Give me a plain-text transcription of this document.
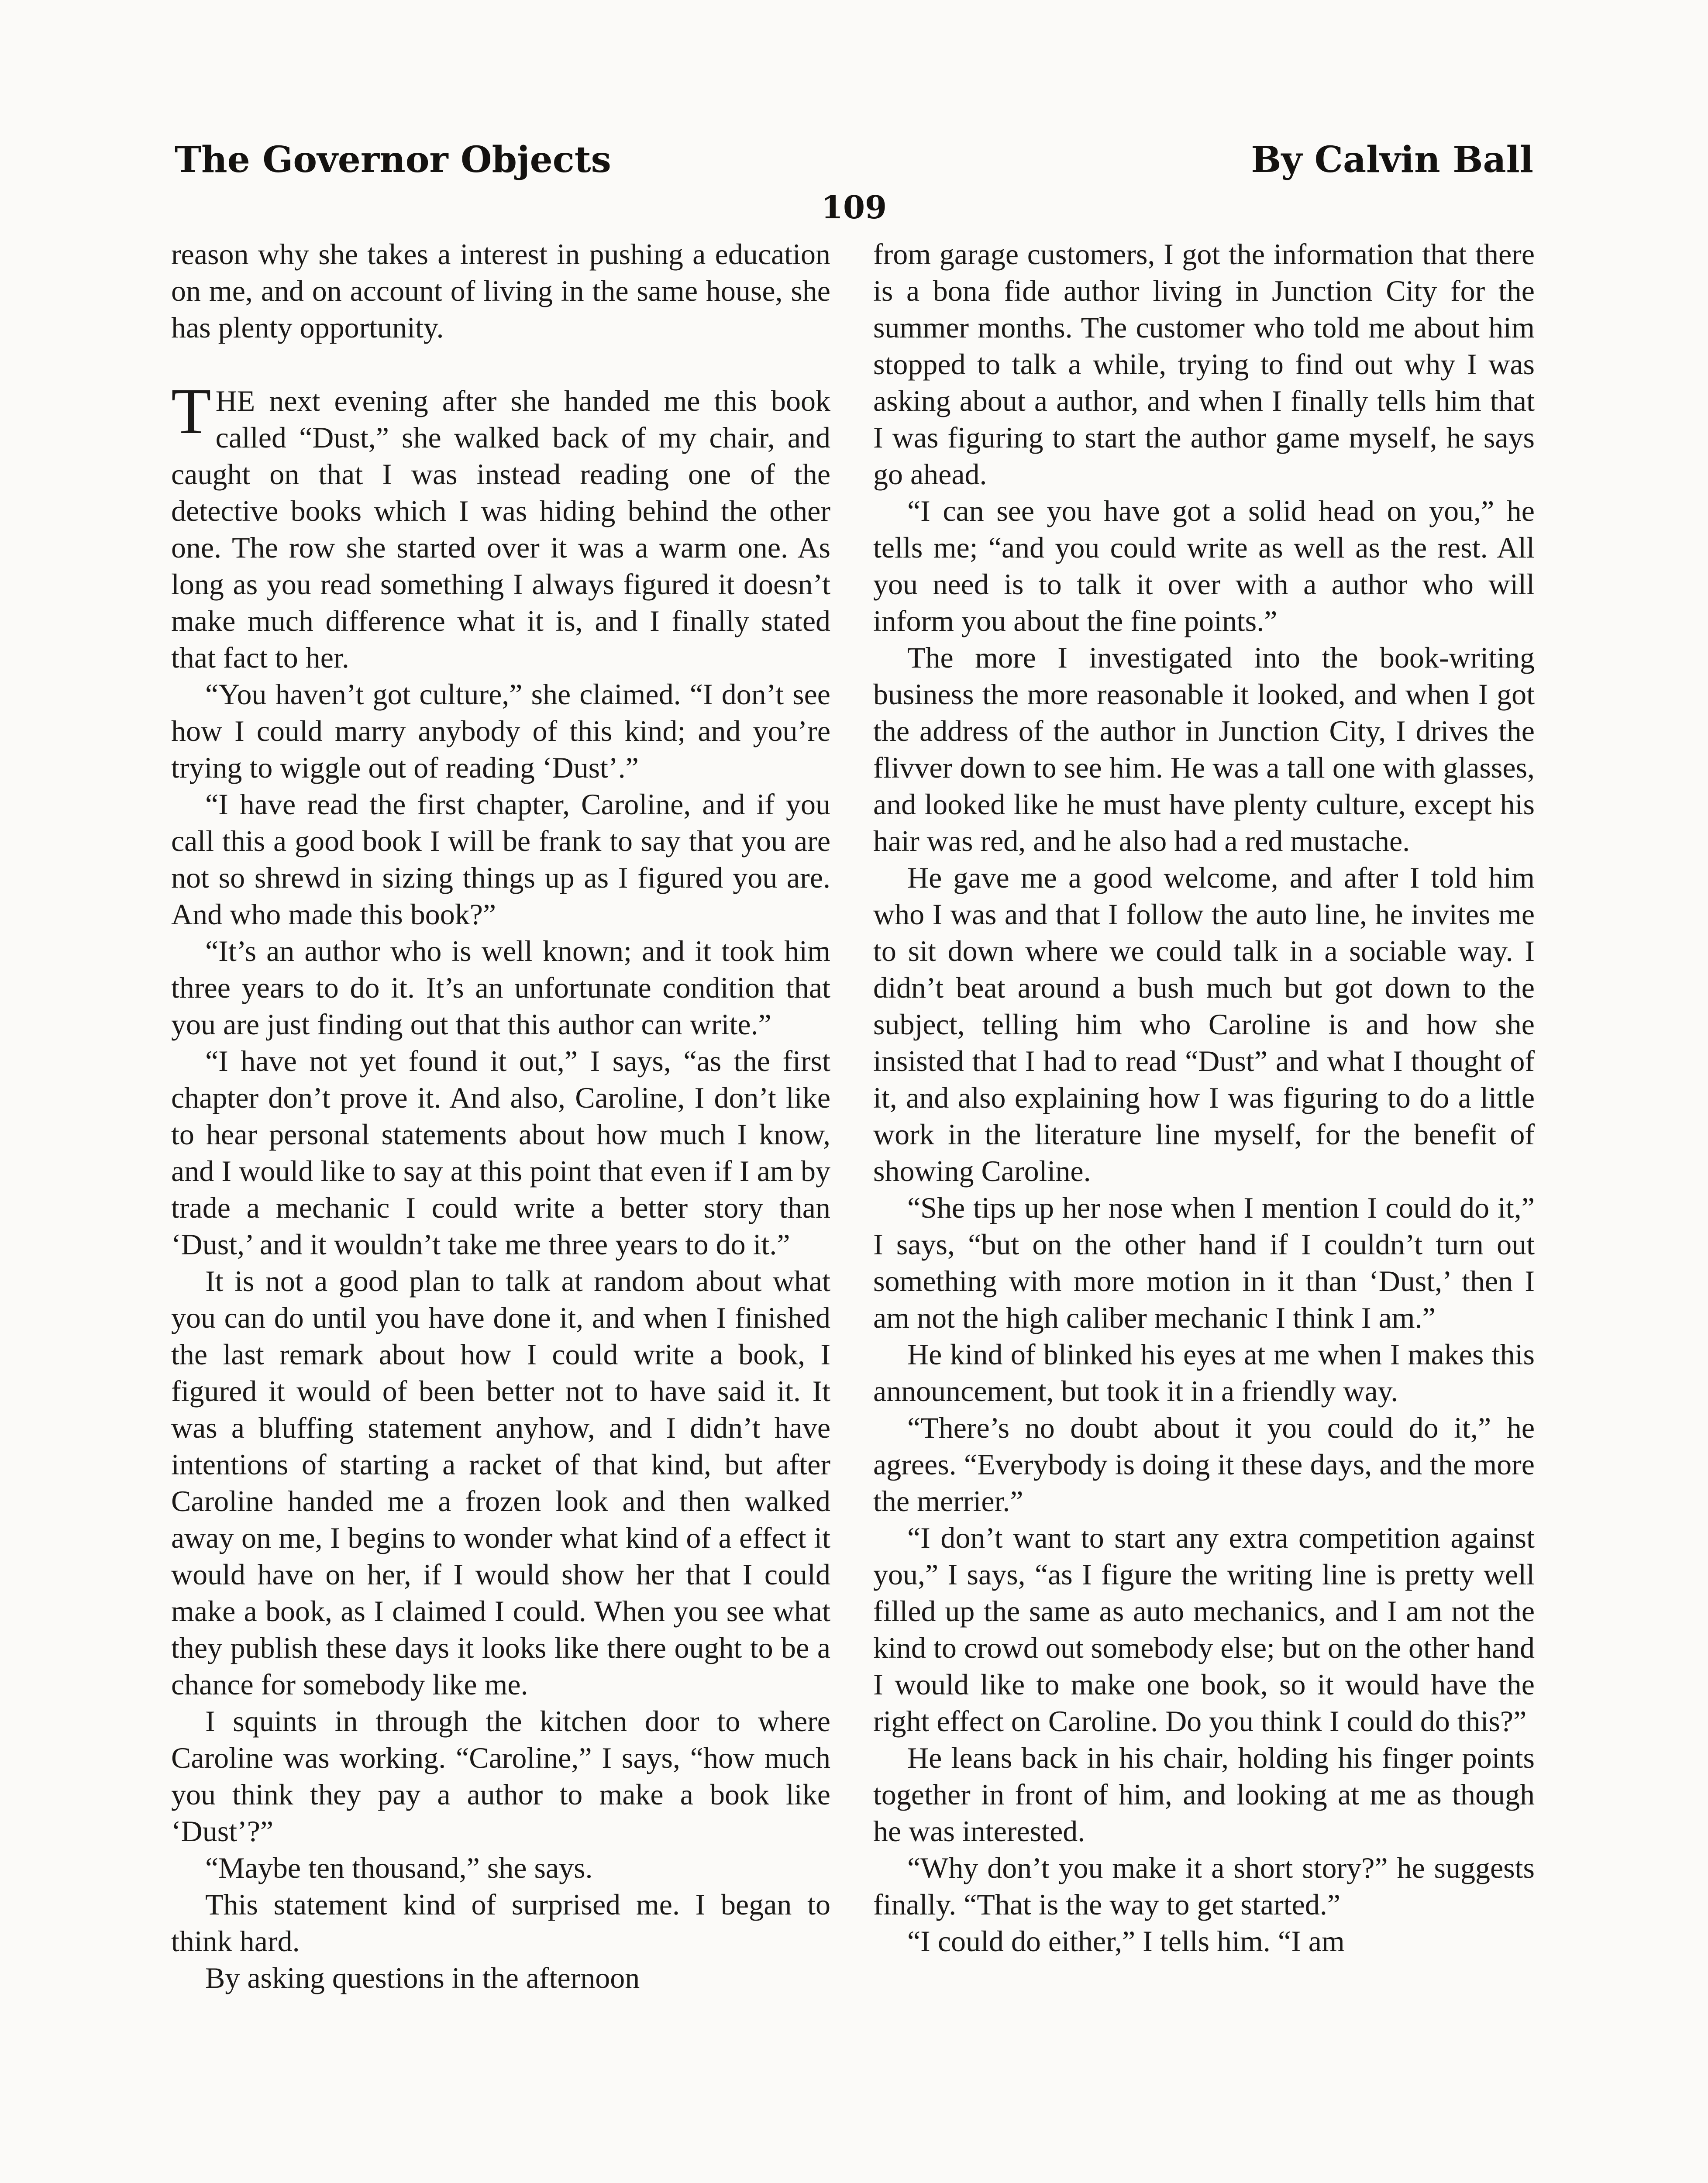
The Governor Objects	By Calvin Ball
109

reason why she takes a interest in pushing a education on me, and on account of living in the same house, she has plenty opportunity.

THE next evening after she handed me this book called “Dust,” she walked back of my chair, and caught on that I was instead reading one of the detective books which I was hiding behind the other one. The row she started over it was a warm one. As long as you read something I always figured it doesn’t make much difference what it is, and I finally stated that fact to her.

“You haven’t got culture,” she claimed. “I don’t see how I could marry anybody of this kind; and you’re trying to wiggle out of reading ‘Dust’.”

“I have read the first chapter, Caroline, and if you call this a good book I will be frank to say that you are not so shrewd in sizing things up as I figured you are. And who made this book?”

“It’s an author who is well known; and it took him three years to do it. It’s an unfortunate condition that you are just finding out that this author can write.”

“I have not yet found it out,” I says, “as the first chapter don’t prove it. And also, Caroline, I don’t like to hear personal statements about how much I know, and I would like to say at this point that even if I am by trade a mechanic I could write a better story than ‘Dust,’ and it wouldn’t take me three years to do it.”

It is not a good plan to talk at random about what you can do until you have done it, and when I finished the last remark about how I could write a book, I figured it would of been better not to have said it. It was a bluffing statement anyhow, and I didn’t have intentions of starting a racket of that kind, but after Caroline handed me a frozen look and then walked away on me, I begins to wonder what kind of a effect it would have on her, if I would show her that I could make a book, as I claimed I could. When you see what they publish these days it looks like there ought to be a chance for somebody like me.

I squints in through the kitchen door to where Caroline was working. “Caroline,” I says, “how much you think they pay a author to make a book like ‘Dust’?”

“Maybe ten thousand,” she says.

This statement kind of surprised me. I began to think hard.

By asking questions in the afternoon

from garage customers, I got the information that there is a bona fide author living in Junction City for the summer months. The customer who told me about him stopped to talk a while, trying to find out why I was asking about a author, and when I finally tells him that I was figuring to start the author game myself, he says go ahead.

“I can see you have got a solid head on you,” he tells me; “and you could write as well as the rest. All you need is to talk it over with a author who will inform you about the fine points.”

The more I investigated into the book-writing business the more reasonable it looked, and when I got the address of the author in Junction City, I drives the flivver down to see him. He was a tall one with glasses, and looked like he must have plenty culture, except his hair was red, and he also had a red mustache.

He gave me a good welcome, and after I told him who I was and that I follow the auto line, he invites me to sit down where we could talk in a sociable way. I didn’t beat around a bush much but got down to the subject, telling him who Caroline is and how she insisted that I had to read “Dust” and what I thought of it, and also explaining how I was figuring to do a little work in the literature line myself, for the benefit of showing Caroline.

“She tips up her nose when I mention I could do it,” I says, “but on the other hand if I couldn’t turn out something with more motion in it than ‘Dust,’ then I am not the high caliber mechanic I think I am.”

He kind of blinked his eyes at me when I makes this announcement, but took it in a friendly way.

“There’s no doubt about it you could do it,” he agrees. “Everybody is doing it these days, and the more the merrier.”

“I don’t want to start any extra competition against you,” I says, “as I figure the writing line is pretty well filled up the same as auto mechanics, and I am not the kind to crowd out somebody else; but on the other hand I would like to make one book, so it would have the right effect on Caroline. Do you think I could do this?”

He leans back in his chair, holding his finger points together in front of him, and looking at me as though he was interested.

“Why don’t you make it a short story?” he suggests finally. “That is the way to get started.”

“I could do either,” I tells him. “I am
